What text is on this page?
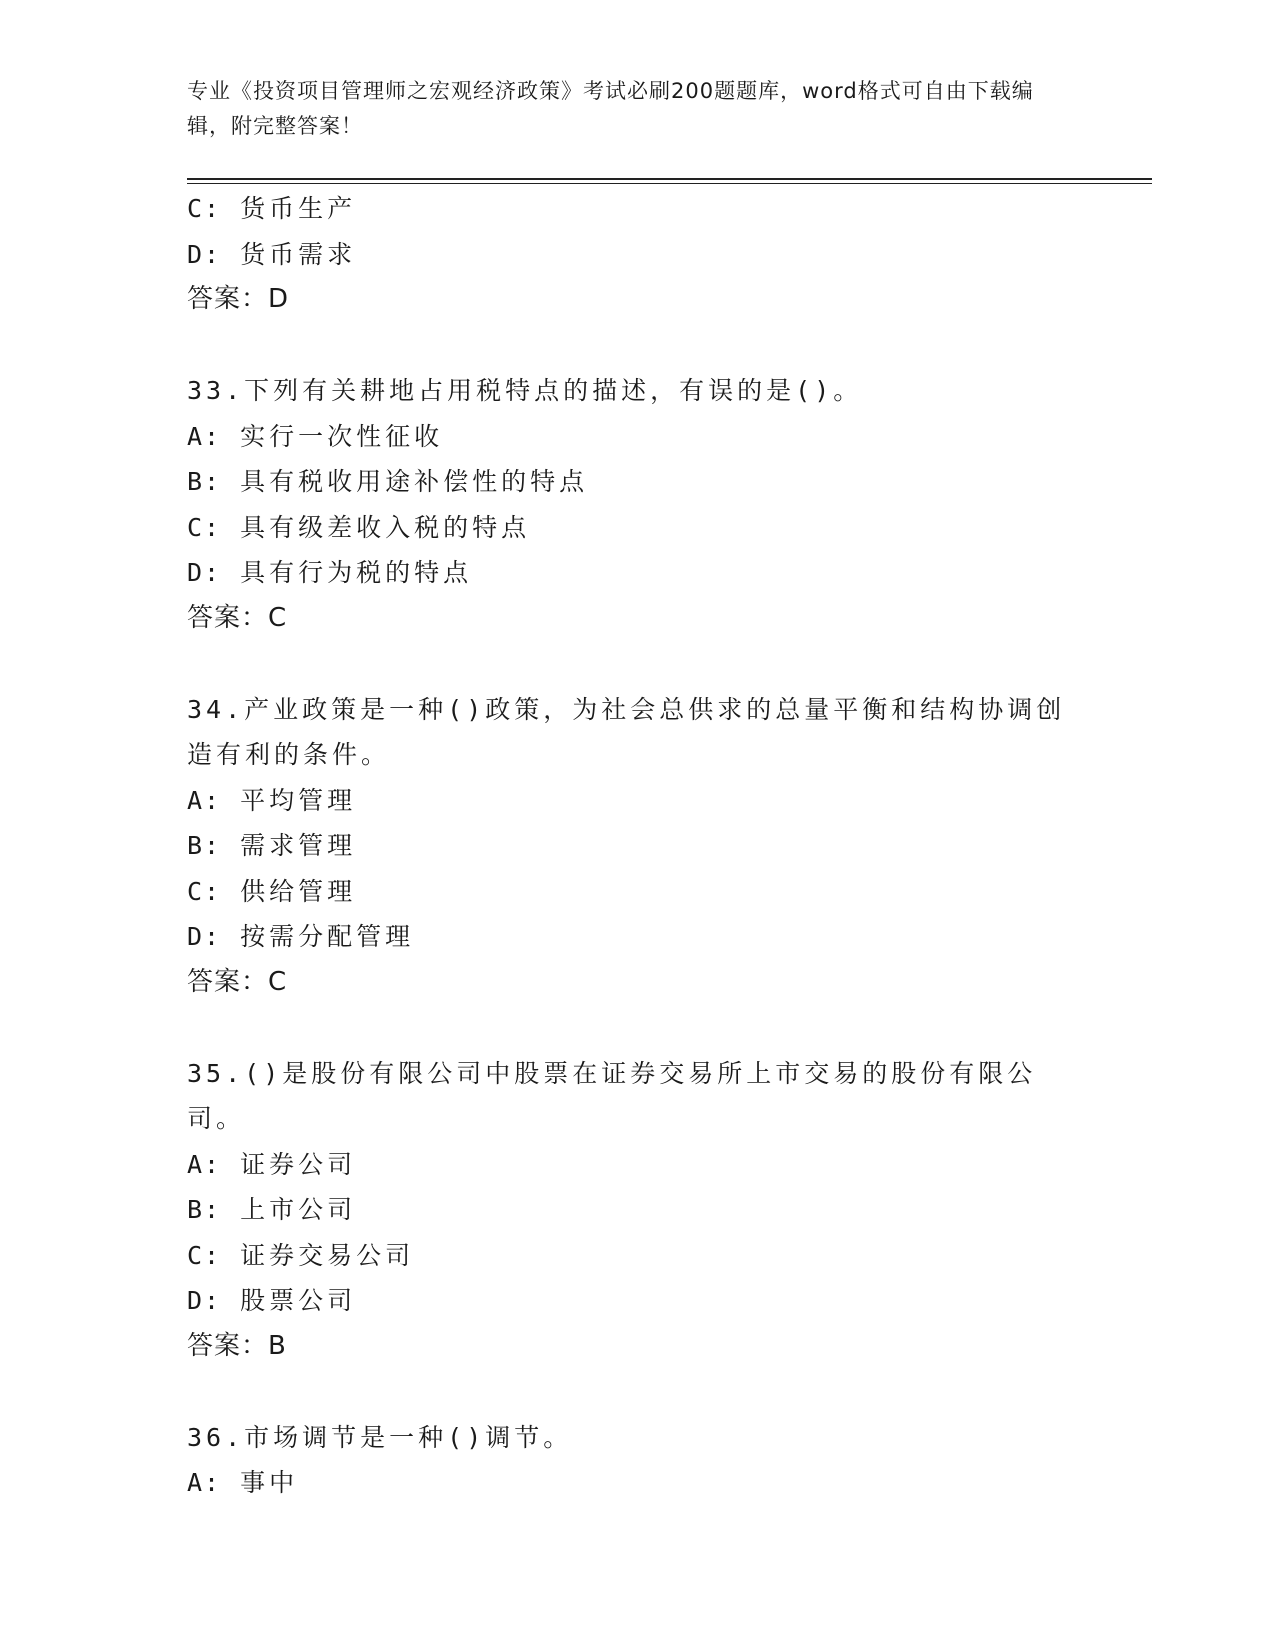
专业《投资项目管理师之宏观经济政策》考试必刷200题题库，word格式可自由下载编辑，附完整答案！
C: 货币生产
D: 货币需求
答案：D
33.下列有关耕地占用税特点的描述，有误的是()。
A: 实行一次性征收
B: 具有税收用途补偿性的特点
C: 具有级差收入税的特点
D: 具有行为税的特点
答案：C
34.产业政策是一种()政策，为社会总供求的总量平衡和结构协调创造有利的条件。
A: 平均管理
B: 需求管理
C: 供给管理
D: 按需分配管理
答案：C
35.()是股份有限公司中股票在证券交易所上市交易的股份有限公司。
A: 证券公司
B: 上市公司
C: 证券交易公司
D: 股票公司
答案：B
36.市场调节是一种()调节。
A: 事中
